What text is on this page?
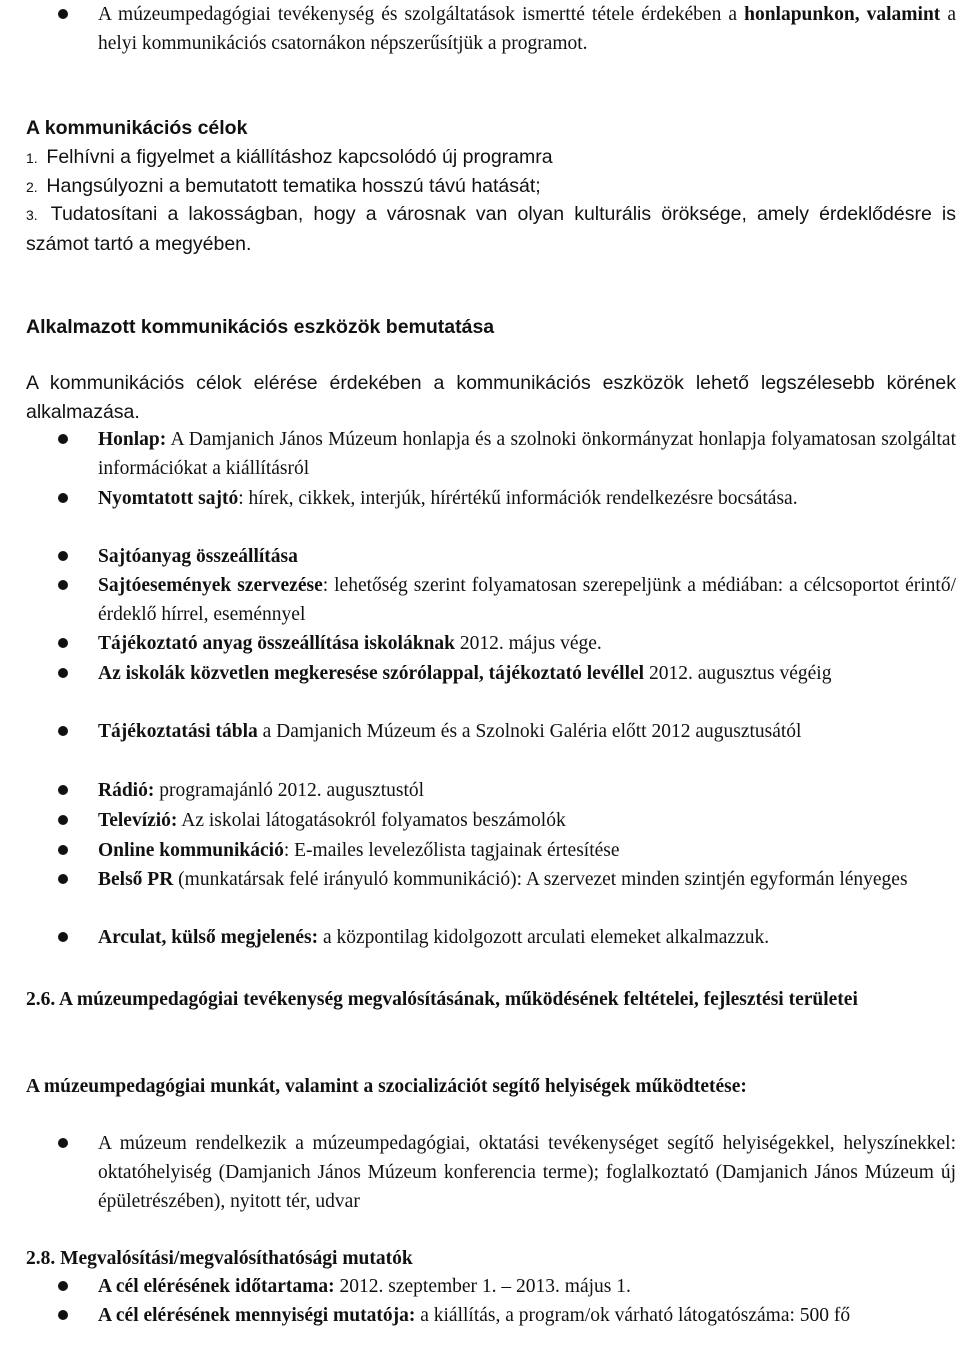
A múzeumpedagógiai tevékenység és szolgáltatások ismertté tétele érdekében a honlapunkon, valamint a helyi kommunikációs csatornákon népszerűsítjük a programot.
A kommunikációs célok
1. Felhívni a figyelmet a kiállításhoz kapcsolódó új programra
2. Hangsúlyozni a bemutatott tematika hosszú távú hatását;
3. Tudatosítani a lakosságban, hogy a városnak van olyan kulturális öröksége, amely érdeklődésre is számot tartó a megyében.
Alkalmazott kommunikációs eszközök bemutatása
A kommunikációs célok elérése érdekében a kommunikációs eszközök lehető legszélesebb körének alkalmazása.
Honlap: A Damjanich János Múzeum honlapja és a szolnoki önkormányzat honlapja folyamatosan szolgáltat információkat a kiállításról
Nyomtatott sajtó: hírek, cikkek, interjúk, hírértékű információk rendelkezésre bocsátása.
Sajtóanyag összeállítása
Sajtóesemények szervezése: lehetőség szerint folyamatosan szerepeljünk a médiában: a célcsoportot érintő/érdeklő hírrel, eseménnyel
Tájékoztató anyag összeállítása iskoláknak 2012. május vége.
Az iskolák közvetlen megkeresése szórólappal, tájékoztató levéllel 2012. augusztus végéig
Tájékoztatási tábla a Damjanich Múzeum és a Szolnoki Galéria előtt 2012 augusztusától
Rádió: programajánló 2012. augusztustól
Televízió: Az iskolai látogatásokról folyamatos beszámolók
Online kommunikáció: E-mailes levelezőlista tagjainak értesítése
Belső PR (munkatársak felé irányuló kommunikáció): A szervezet minden szintjén egyformán lényeges
Arculat, külső megjelenés: a központilag kidolgozott arculati elemeket alkalmazzuk.
2.6. A múzeumpedagógiai tevékenység megvalósításának, működésének feltételei, fejlesztési területei
A múzeumpedagógiai munkát, valamint a szocializációt segítő helyiségek működtetése:
A múzeum rendelkezik a múzeumpedagógiai, oktatási tevékenységet segítő helyiségekkel, helyszínekkel: oktatóhelyiség (Damjanich János Múzeum konferencia terme); foglalkoztató (Damjanich János Múzeum új épületrészében), nyitott tér, udvar
2.8. Megvalósítási/megvalósíthatósági mutatók
A cél elérésének időtartama: 2012. szeptember 1. – 2013. május 1.
A cél elérésének mennyiségi mutatója: a kiállítás, a program/ok várható látogatószáma: 500 fő
